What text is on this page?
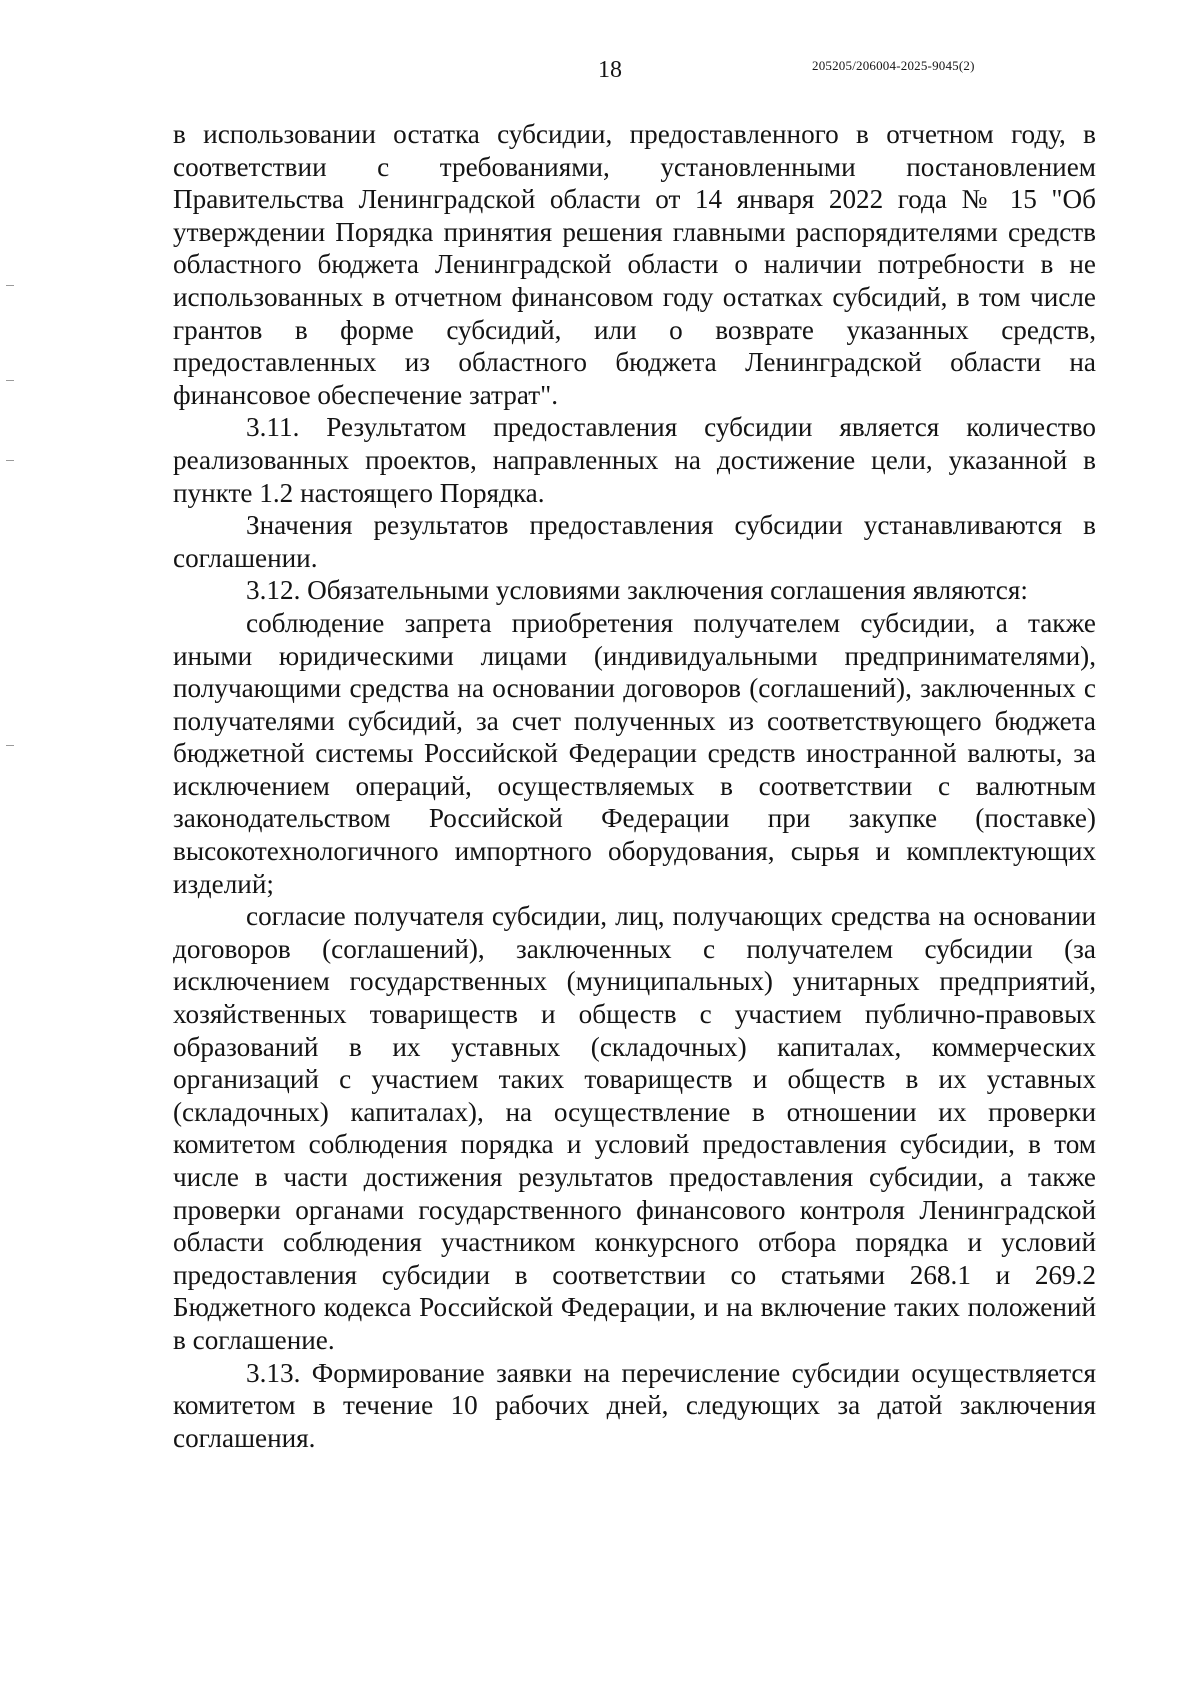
18	205205/206004-2025-9045(2)

в использовании остатка субсидии, предоставленного в отчетном году, в соответствии с требованиями, установленными постановлением Правительства Ленинградской области от 14 января 2022 года № 15 "Об утверждении Порядка принятия решения главными распорядителями средств областного бюджета Ленинградской области о наличии потребности в не использованных в отчетном финансовом году остатках субсидий, в том числе грантов в форме субсидий, или о возврате указанных средств, предоставленных из областного бюджета Ленинградской области на финансовое обеспечение затрат".

3.11. Результатом предоставления субсидии является количество реализованных проектов, направленных на достижение цели, указанной в пункте 1.2 настоящего Порядка.

Значения результатов предоставления субсидии устанавливаются в соглашении.

3.12. Обязательными условиями заключения соглашения являются:

соблюдение запрета приобретения получателем субсидии, а также иными юридическими лицами (индивидуальными предпринимателями), получающими средства на основании договоров (соглашений), заключенных с получателями субсидий, за счет полученных из соответствующего бюджета бюджетной системы Российской Федерации средств иностранной валюты, за исключением операций, осуществляемых в соответствии с валютным законодательством Российской Федерации при закупке (поставке) высокотехнологичного импортного оборудования, сырья и комплектующих изделий;

согласие получателя субсидии, лиц, получающих средства на основании договоров (соглашений), заключенных с получателем субсидии (за исключением государственных (муниципальных) унитарных предприятий, хозяйственных товариществ и обществ с участием публично-правовых образований в их уставных (складочных) капиталах, коммерческих организаций с участием таких товариществ и обществ в их уставных (складочных) капиталах), на осуществление в отношении их проверки комитетом соблюдения порядка и условий предоставления субсидии, в том числе в части достижения результатов предоставления субсидии, а также проверки органами государственного финансового контроля Ленинградской области соблюдения участником конкурсного отбора порядка и условий предоставления субсидии в соответствии со статьями 268.1 и 269.2 Бюджетного кодекса Российской Федерации, и на включение таких положений в соглашение.

3.13. Формирование заявки на перечисление субсидии осуществляется комитетом в течение 10 рабочих дней, следующих за датой заключения соглашения.
